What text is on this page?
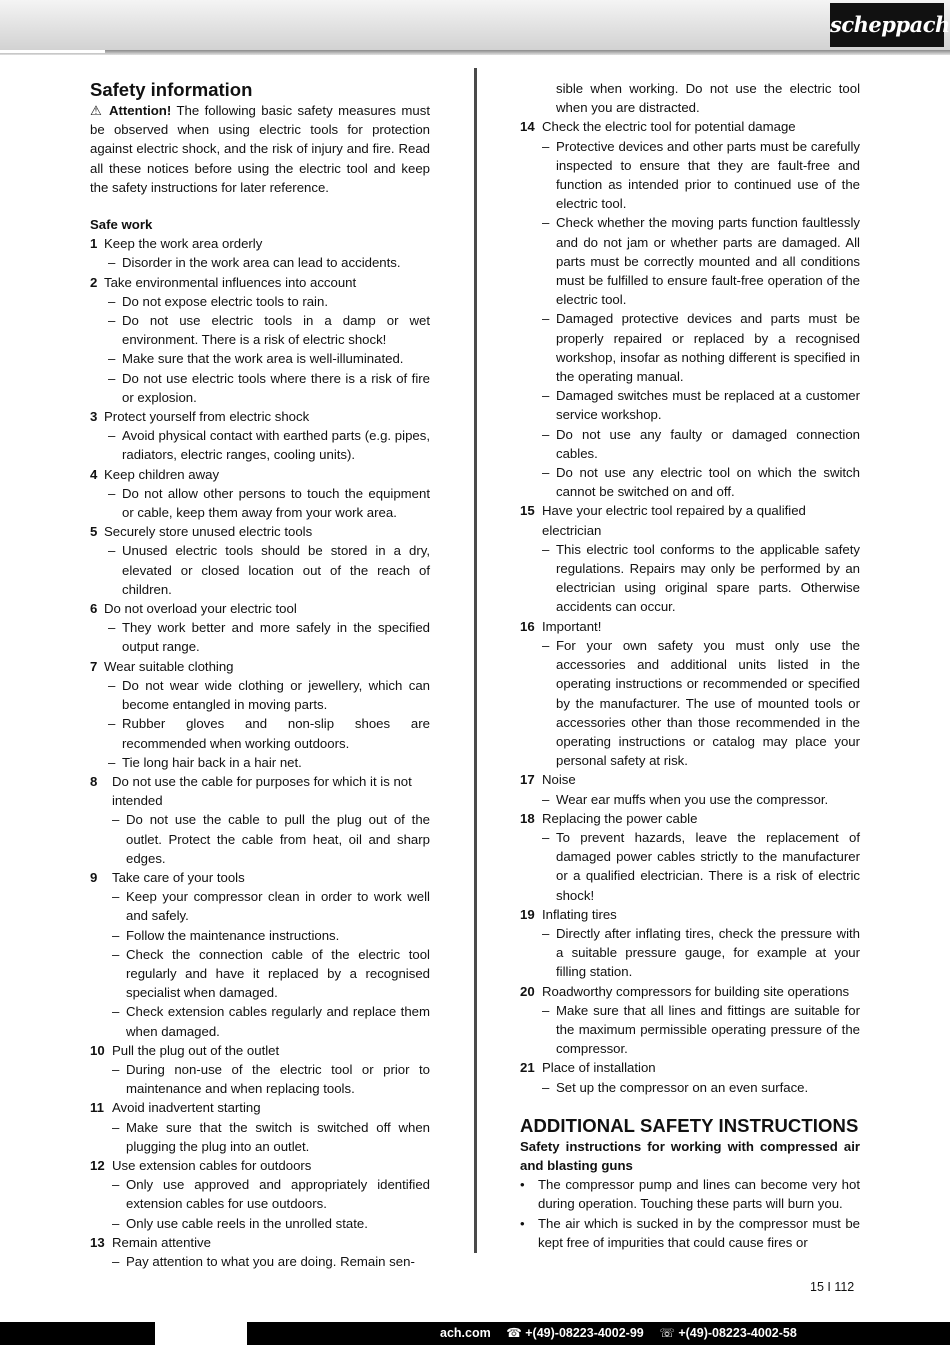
scheppach
Safety information

⚠ Attention! The following basic safety measures must be observed when using electric tools for protection against electric shock, and the risk of injury and fire. Read all these notices before using the electric tool and keep the safety instructions for later reference.

Safe work

1 Keep the work area orderly
– Disorder in the work area can lead to accidents.
2 Take environmental influences into account
– Do not expose electric tools to rain.
– Do not use electric tools in a damp or wet environment. There is a risk of electric shock!
– Make sure that the work area is well-illuminated.
– Do not use electric tools where there is a risk of fire or explosion.
3 Protect yourself from electric shock
– Avoid physical contact with earthed parts (e.g. pipes, radiators, electric ranges, cooling units).
4 Keep children away
– Do not allow other persons to touch the equipment or cable, keep them away from your work area.
5 Securely store unused electric tools
– Unused electric tools should be stored in a dry, elevated or closed location out of the reach of children.
6 Do not overload your electric tool
– They work better and more safely in the specified output range.
7 Wear suitable clothing
– Do not wear wide clothing or jewellery, which can become entangled in moving parts.
– Rubber gloves and non-slip shoes are recommended when working outdoors.
– Tie long hair back in a hair net.
8	Do not use the cable for purposes for which it is not intended
– Do not use the cable to pull the plug out of the outlet. Protect the cable from heat, oil and sharp edges.
9	Take care of your tools
– Keep your compressor clean in order to work well and safely.
– Follow the maintenance instructions.
– Check the connection cable of the electric tool regularly and have it replaced by a recognised specialist when damaged.
– Check extension cables regularly and replace them when damaged.
10 Pull the plug out of the outlet
– During non-use of the electric tool or prior to maintenance and when replacing tools.
11 Avoid inadvertent starting
– Make sure that the switch is switched off when plugging the plug into an outlet.
12 Use extension cables for outdoors
– Only use approved and appropriately identified extension cables for use outdoors.
– Only use cable reels in the unrolled state.
13 Remain attentive
– Pay attention to what you are doing. Remain sen-

sible when working. Do not use the electric tool when you are distracted.

14 Check the electric tool for potential damage
– Protective devices and other parts must be carefully inspected to ensure that they are fault-free and function as intended prior to continued use of the electric tool.
– Check whether the moving parts function faultlessly and do not jam or whether parts are damaged. All parts must be correctly mounted and all conditions must be fulfilled to ensure fault-free operation of the electric tool.
– Damaged protective devices and parts must be properly repaired or replaced by a recognised workshop, insofar as nothing different is specified in the operating manual.
– Damaged switches must be replaced at a customer service workshop.
– Do not use any faulty or damaged connection cables.
– Do not use any electric tool on which the switch cannot be switched on and off.
15 Have your electric tool repaired by a qualified electrician
– This electric tool conforms to the applicable safety regulations. Repairs may only be performed by an electrician using original spare parts. Otherwise accidents can occur.
16 Important!
– For your own safety you must only use the accessories and additional units listed in the operating instructions or recommended or specified by the manufacturer. The use of mounted tools or accessories other than those recommended in the operating instructions or catalog may place your personal safety at risk.
17 Noise
– Wear ear muffs when you use the compressor.
18 Replacing the power cable
– To prevent hazards, leave the replacement of damaged power cables strictly to the manufacturer or a qualified electrician. There is a risk of electric shock!
19 Inflating tires
– Directly after inflating tires, check the pressure with a suitable pressure gauge, for example at your filling station.
20 Roadworthy compressors for building site operations
– Make sure that all lines and fittings are suitable for the maximum permissible operating pressure of the compressor.
21 Place of installation
– Set up the compressor on an even surface.
ADDITIONAL SAFETY INSTRUCTIONS

Safety instructions for working with compressed air and blasting guns

•	The compressor pump and lines can become very hot during operation. Touching these parts will burn you.
•	The air which is sucked in by the compressor must be kept free of impurities that could cause fires or
15 I 112
ach.com ☎ +(49)-08223-4002-99 ☏ +(49)-08223-4002-58
